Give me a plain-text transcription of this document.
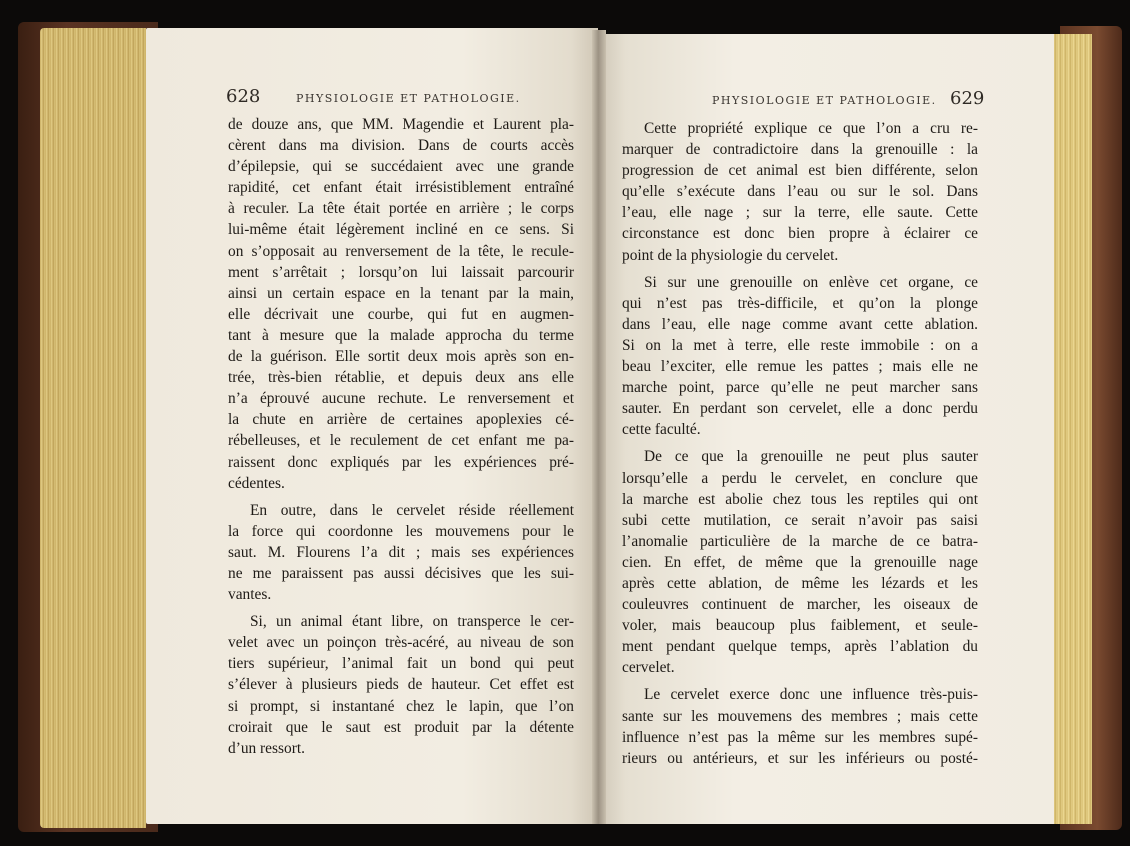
628	PHYSIOLOGIE ET PATHOLOGIE.	PHYSIOLOGIE ET PATHOLOGIE. 629
de douze ans, que MM. Magendie et Laurent pla-
cèrent dans ma division. Dans de courts accès
d’épilepsie, qui se succédaient avec une grande
rapidité, cet enfant était irrésistiblement entraîné
à reculer. La tête était portée en arrière ; le corps
lui-même était légèrement incliné en ce sens. Si
on s’opposait au renversement de la tête, le recule-
ment s’arrêtait ; lorsqu’on lui laissait parcourir
ainsi un certain espace en la tenant par la main,
elle décrivait une courbe, qui fut en augmen-
tant à mesure que la malade approcha du terme
de la guérison. Elle sortit deux mois après son en-
trée, très-bien rétablie, et depuis deux ans elle
n’a éprouvé aucune rechute. Le renversement et
la chute en arrière de certaines apoplexies cé-
rébelleuses, et le reculement de cet enfant me pa-
raissent donc expliqués par les expériences pré-
cédentes.
En outre, dans le cervelet réside réellement
la force qui coordonne les mouvemens pour le
saut. M. Flourens l’a dit ; mais ses expériences
ne me paraissent pas aussi décisives que les sui-
vantes.
Si, un animal étant libre, on transperce le cer-
velet avec un poinçon très-acéré, au niveau de son
tiers supérieur, l’animal fait un bond qui peut
s’élever à plusieurs pieds de hauteur. Cet effet est
si prompt, si instantané chez le lapin, que l’on
croirait que le saut est produit par la détente
d’un ressort.
Cette propriété explique ce que l’on a cru re-
marquer de contradictoire dans la grenouille : la
progression de cet animal est bien différente, selon
qu’elle s’exécute dans l’eau ou sur le sol. Dans
l’eau, elle nage ; sur la terre, elle saute. Cette
circonstance est donc bien propre à éclairer ce
point de la physiologie du cervelet.
Si sur une grenouille on enlève cet organe, ce
qui n’est pas très-difficile, et qu’on la plonge
dans l’eau, elle nage comme avant cette ablation.
Si on la met à terre, elle reste immobile : on a
beau l’exciter, elle remue les pattes ; mais elle ne
marche point, parce qu’elle ne peut marcher sans
sauter. En perdant son cervelet, elle a donc perdu
cette faculté.
De ce que la grenouille ne peut plus sauter
lorsqu’elle a perdu le cervelet, en conclure que
la marche est abolie chez tous les reptiles qui ont
subi cette mutilation, ce serait n’avoir pas saisi
l’anomalie particulière de la marche de ce batra-
cien. En effet, de même que la grenouille nage
après cette ablation, de même les lézards et les
couleuvres continuent de marcher, les oiseaux de
voler, mais beaucoup plus faiblement, et seule-
ment pendant quelque temps, après l’ablation du
cervelet.
Le cervelet exerce donc une influence très-puis-
sante sur les mouvemens des membres ; mais cette
influence n’est pas la même sur les membres supé-
rieurs ou antérieurs, et sur les inférieurs ou posté-
